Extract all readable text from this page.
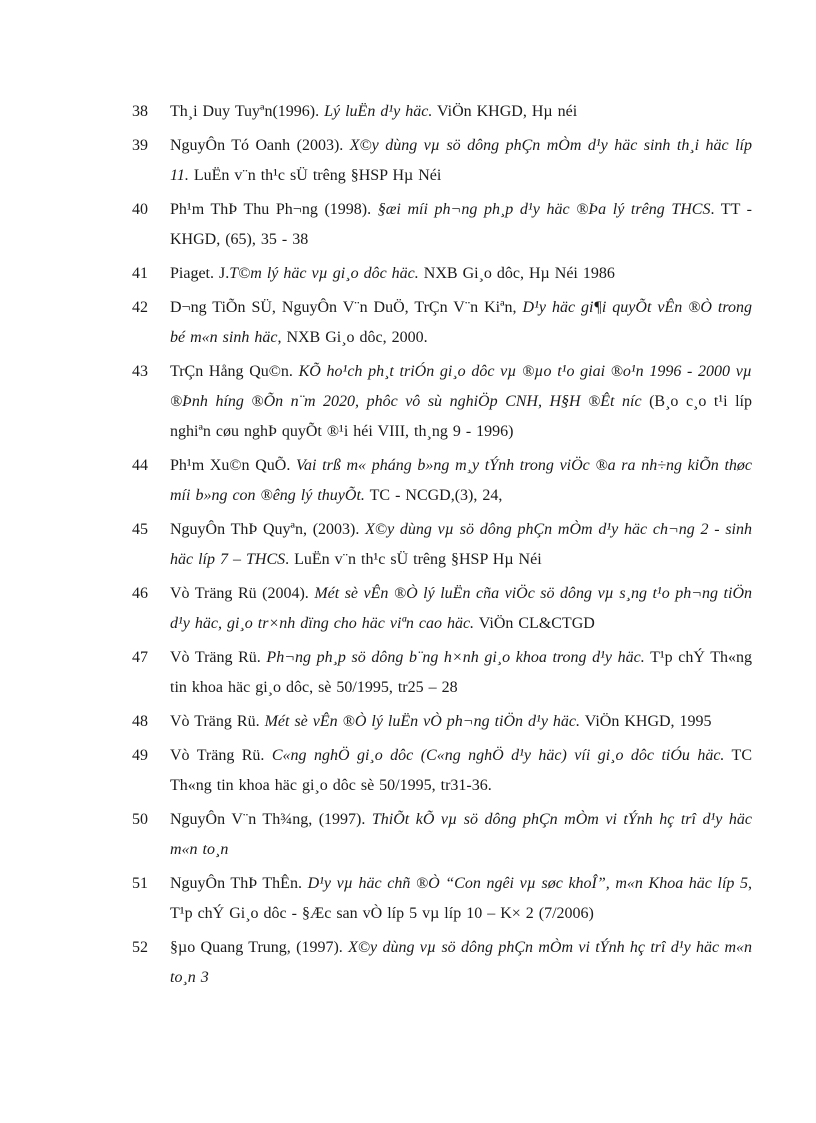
38	Th¸i Duy Tuyªn(1996). Lý luËn d¹y häc. ViÖn KHGD, Hµ néi
39	NguyÔn Tó Oanh (2003). X©y dùng vµ sö dông phÇn mÒm d¹y häc sinh th¸i häc líp 11. LuËn v¨n th¹c sÜ trêng §HSP Hµ Néi
40	Ph¹m ThÞ Thu Ph¬ng (1998). §æi míi ph¬ng ph¸p d¹y häc ®Þa lý trêng THCS. TT - KHGD, (65), 35 - 38
41	Piaget. J.T©m lý häc vµ gi¸o dôc häc. NXB Gi¸o dôc, Hµ Néi 1986
42	D¬ng TiÕn SÜ, NguyÔn V¨n DuÖ, TrÇn V¨n Kiªn, D¹y häc gi¶i quyÕt vÊn ®Ò trong bé m«n sinh häc, NXB Gi¸o dôc, 2000.
43	TrÇn Hång Qu©n. KÕ ho¹ch ph¸t triÓn gi¸o dôc vµ ®µo t¹o giai ®o¹n 1996 - 2000 vµ ®Þnh híng ®Õn n¨m 2020, phôc vô sù nghiÖp CNH, H§H ®Êt níc (B¸o c¸o t¹i líp nghiªn cøu nghÞ quyÕt ®¹i héi VIII, th¸ng 9 - 1996)
44	Ph¹m Xu©n QuÕ. Vai trß m« pháng b»ng m¸y tÝnh trong viÖc ®a ra nh÷ng kiÕn thøc míi b»ng con ®êng lý thuyÕt. TC - NCGD,(3), 24,
45	NguyÔn ThÞ Quyªn, (2003). X©y dùng vµ sö dông phÇn mÒm d¹y häc ch¬ng 2 - sinh häc líp 7 – THCS. LuËn v¨n th¹c sÜ trêng §HSP Hµ Néi
46	Vò Träng Rü (2004). Mét sè vÊn ®Ò lý luËn cña viÖc sö dông vµ s¸ng t¹o ph¬ng tiÖn d¹y häc, gi¸o tr×nh dïng cho häc viªn cao häc. ViÖn CL&CTGD
47	Vò Träng Rü. Ph¬ng ph¸p sö dông b¨ng h×nh gi¸o khoa trong d¹y häc. T¹p chÝ Th«ng tin khoa häc gi¸o dôc, sè 50/1995, tr25 – 28
48	Vò Träng Rü. Mét sè vÊn ®Ò lý luËn vÒ ph¬ng tiÖn d¹y häc. ViÖn KHGD, 1995
49	Vò Träng Rü. C«ng nghÖ gi¸o dôc (C«ng nghÖ d¹y häc) víi gi¸o dôc tiÓu häc. TC Th«ng tin khoa häc gi¸o dôc sè 50/1995, tr31-36.
50	NguyÔn V¨n Th¾ng, (1997). ThiÕt kÕ vµ sö dông phÇn mÒm vi tÝnh hç trî d¹y häc m«n to¸n
51	NguyÔn ThÞ ThÊn. D¹y vµ häc chñ ®Ò “Con ngêi vµ søc khoÎ”, m«n Khoa häc líp 5, T¹p chÝ Gi¸o dôc - §Æc san vÒ líp 5 vµ líp 10 – K× 2 (7/2006)
52	§µo Quang Trung, (1997). X©y dùng vµ sö dông phÇn mÒm vi tÝnh hç trî d¹y häc m«n to¸n 3
